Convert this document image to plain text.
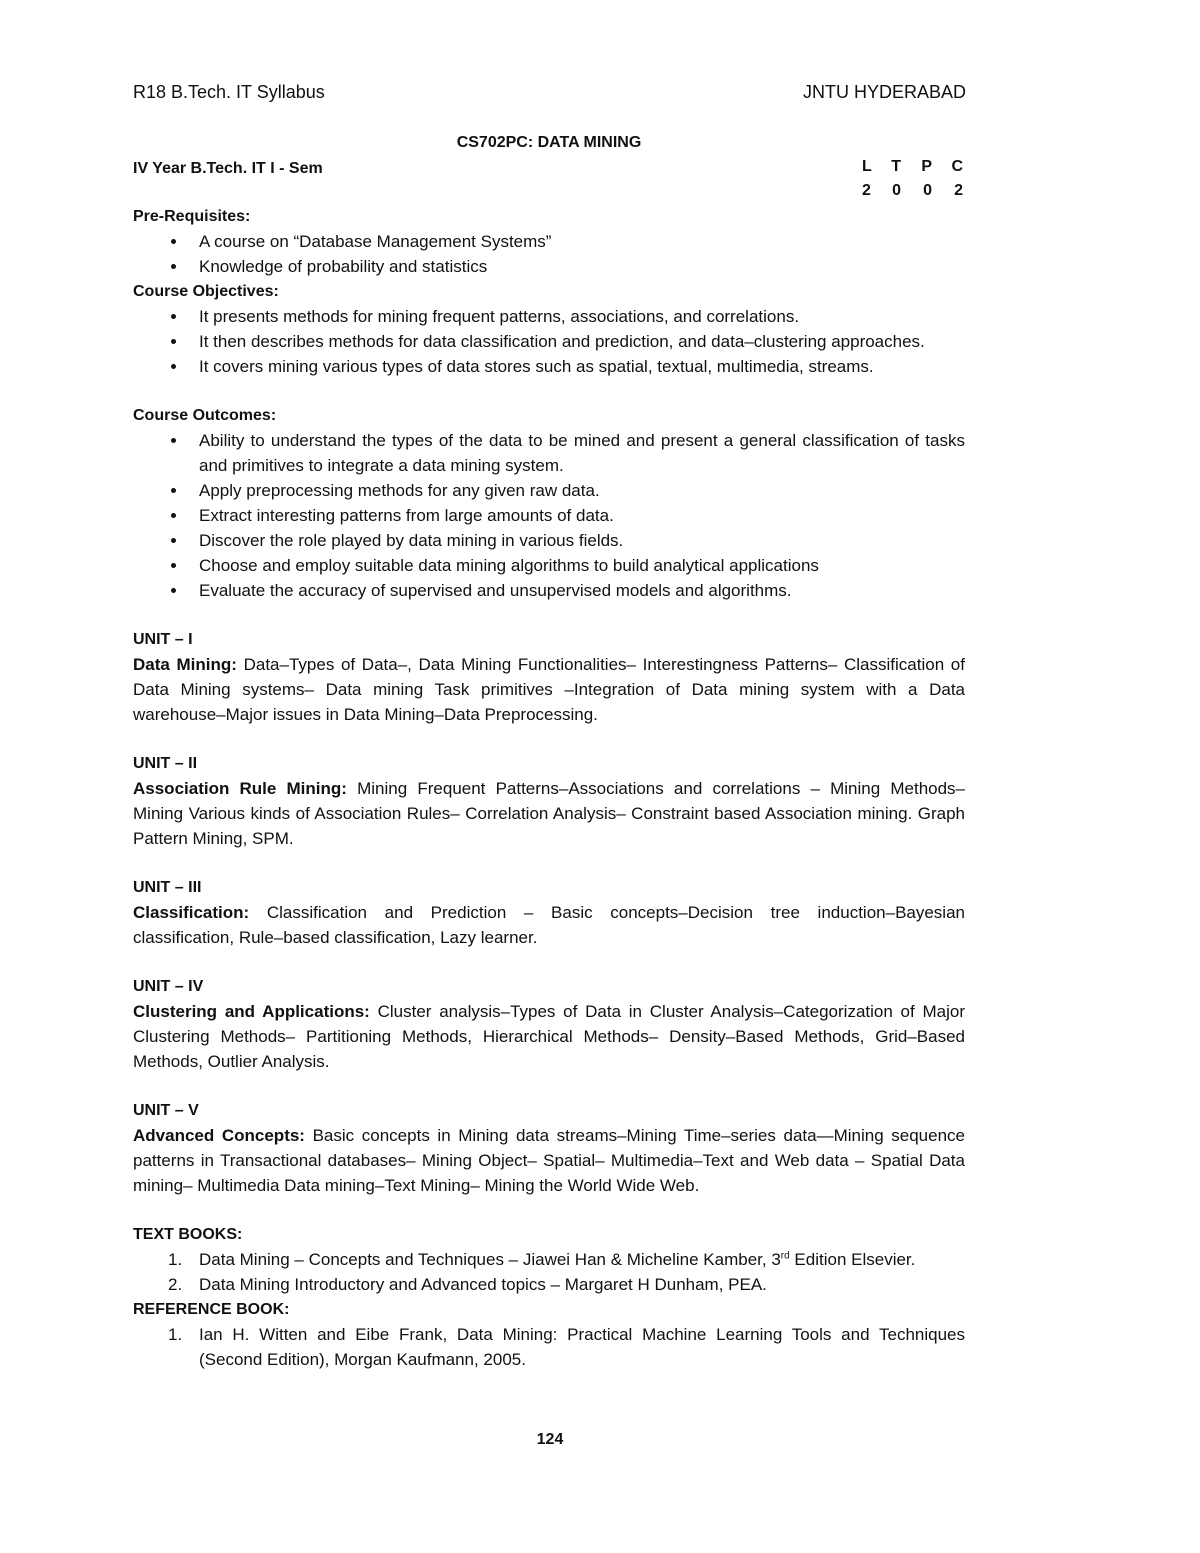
R18 B.Tech. IT Syllabus	JNTU HYDERABAD
CS702PC: DATA MINING
IV Year B.Tech. IT I - Sem	L	T	P	C
2	0	0	2
Pre-Requisites:
A course on “Database Management Systems”
Knowledge of probability and statistics
Course Objectives:
It presents methods for mining frequent patterns, associations, and correlations.
It then describes methods for data classification and prediction, and data–clustering approaches.
It covers mining various types of data stores such as spatial, textual, multimedia, streams.
Course Outcomes:
Ability to understand the types of the data to be mined and present a general classification of tasks and primitives to integrate a data mining system.
Apply preprocessing methods for any given raw data.
Extract interesting patterns from large amounts of data.
Discover the role played by data mining in various fields.
Choose and employ suitable data mining algorithms to build analytical applications
Evaluate the accuracy of supervised and unsupervised models and algorithms.
UNIT – I
Data Mining: Data–Types of Data–, Data Mining Functionalities– Interestingness Patterns– Classification of Data Mining systems– Data mining Task primitives –Integration of Data mining system with a Data warehouse–Major issues in Data Mining–Data Preprocessing.
UNIT – II
Association Rule Mining: Mining Frequent Patterns–Associations and correlations – Mining Methods– Mining Various kinds of Association Rules– Correlation Analysis– Constraint based Association mining. Graph Pattern Mining, SPM.
UNIT – III
Classification: Classification and Prediction – Basic concepts–Decision tree induction–Bayesian classification, Rule–based classification, Lazy learner.
UNIT – IV
Clustering and Applications: Cluster analysis–Types of Data in Cluster Analysis–Categorization of Major Clustering Methods– Partitioning Methods, Hierarchical Methods– Density–Based Methods, Grid–Based Methods, Outlier Analysis.
UNIT – V
Advanced Concepts: Basic concepts in Mining data streams–Mining Time–series data—Mining sequence patterns in Transactional databases– Mining Object– Spatial– Multimedia–Text and Web data – Spatial Data mining– Multimedia Data mining–Text Mining– Mining the World Wide Web.
TEXT BOOKS:
1. Data Mining – Concepts and Techniques – Jiawei Han & Micheline Kamber, 3rd Edition Elsevier.
2. Data Mining Introductory and Advanced topics – Margaret H Dunham, PEA.
REFERENCE BOOK:
1. Ian H. Witten and Eibe Frank, Data Mining: Practical Machine Learning Tools and Techniques (Second Edition), Morgan Kaufmann, 2005.
124
